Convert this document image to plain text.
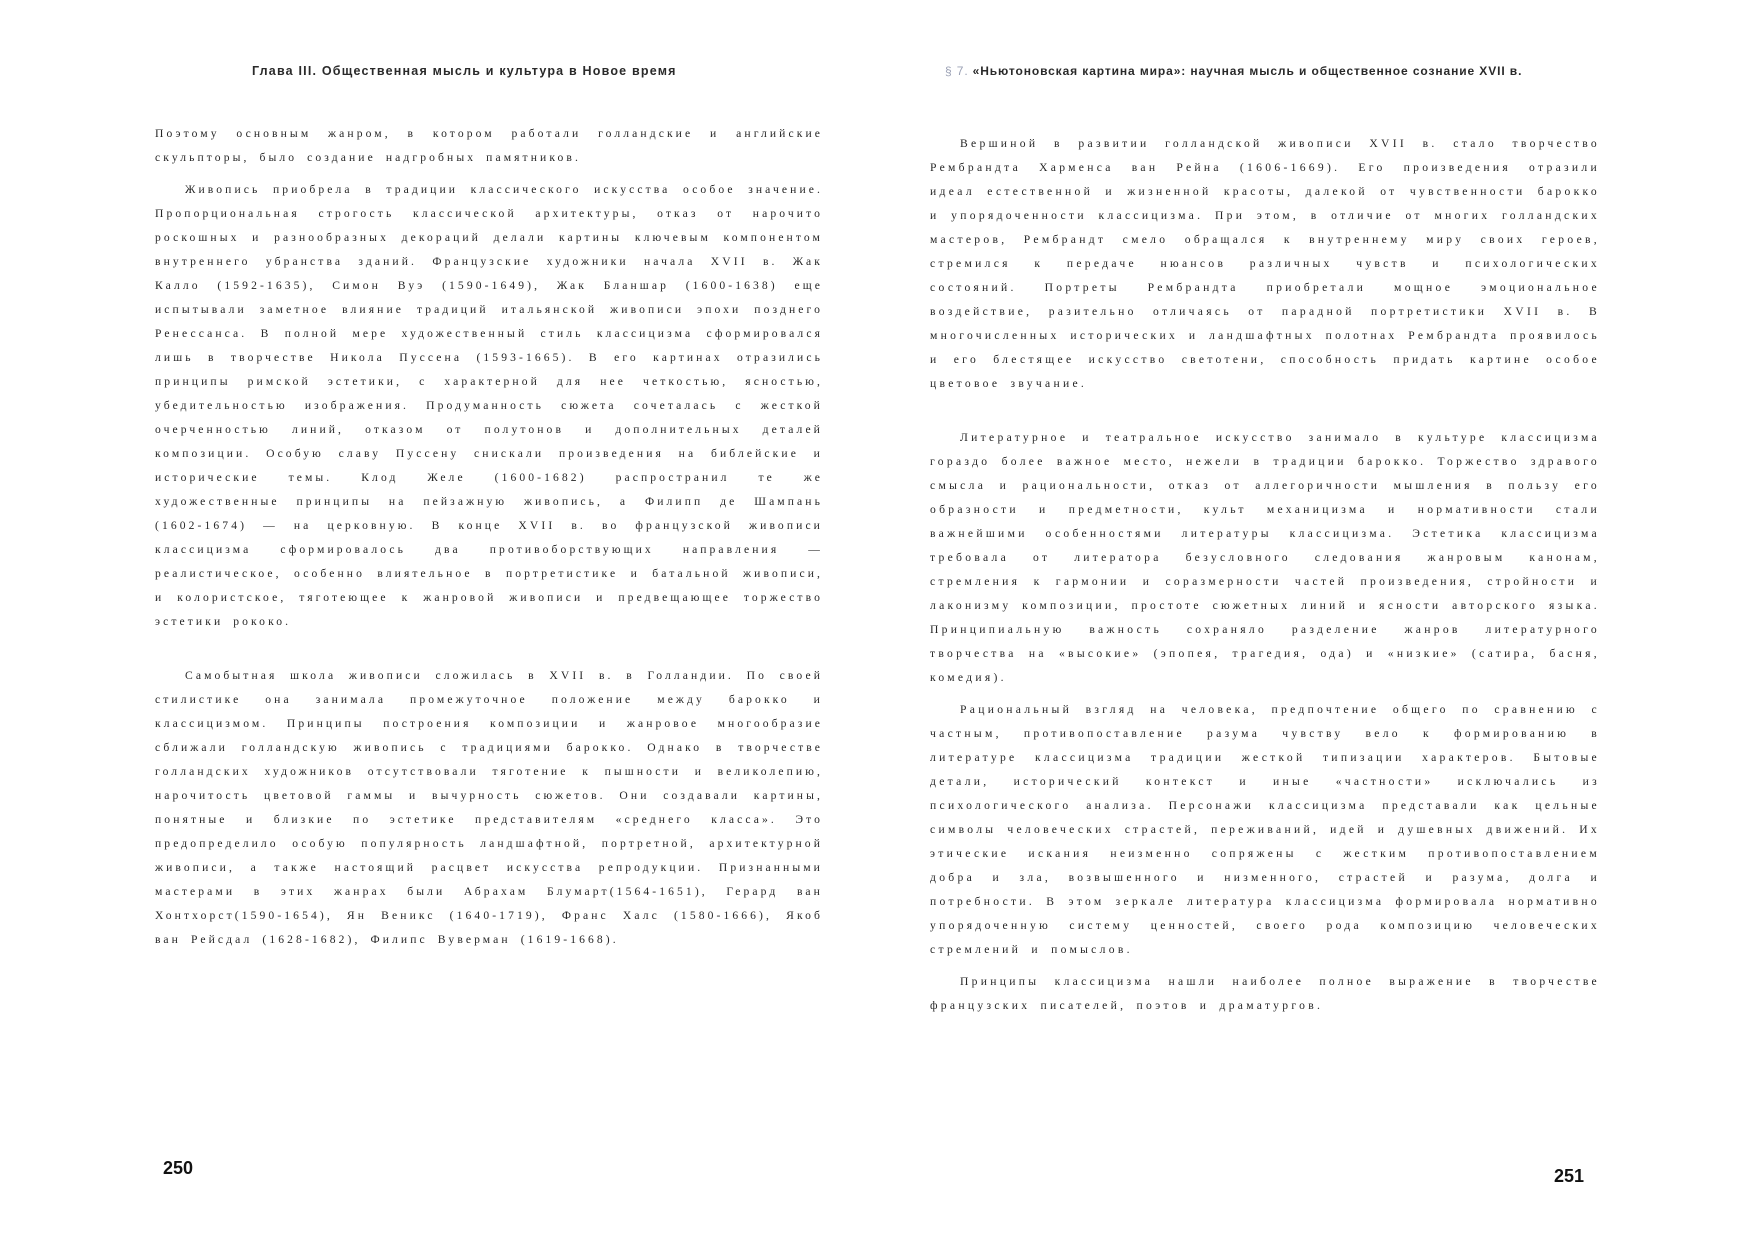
Глава III. Общественная мысль и культура в Новое время

Поэтому основным жанром, в котором работали голландские и английские скульпторы, было создание надгробных памятников.

Живопись приобрела в традиции классического искусства особое значение. Пропорциональная строгость классической архитектуры, отказ от нарочито роскошных и разнообразных декораций делали картины ключевым компонентом внутреннего убранства зданий. Французские художники начала XVII в. Жак Калло (1592-1635), Симон Вуэ (1590-1649), Жак Бланшар (1600-1638) еще испытывали заметное влияние традиций итальянской живописи эпохи позднего Ренессанса. В полной мере художественный стиль классицизма сформировался лишь в творчестве Никола Пуссена (1593-1665). В его картинах отразились принципы римской эстетики, с характерной для нее четкостью, ясностью, убедительностью изображения. Продуманность сюжета сочеталась с жесткой очерченностью линий, отказом от полутонов и дополнительных деталей композиции. Особую славу Пуссену снискали произведения на библейские и исторические темы. Клод Желе (1600-1682) распространил те же художественные принципы на пейзажную живопись, а Филипп де Шампань (1602-1674) — на церковную. В конце XVII в. во французской живописи классицизма сформировалось два противоборствующих направления — реалистическое, особенно влиятельное в портретистике и батальной живописи, и колористское, тяготеющее к жанровой живописи и предвещающее торжество эстетики рококо.

Самобытная школа живописи сложилась в XVII в. в Голландии. По своей стилистике она занимала промежуточное положение между барокко и классицизмом. Принципы построения композиции и жанровое многообразие сближали голландскую живопись с традициями барокко. Однако в творчестве голландских художников отсутствовали тяготение к пышности и великолепию, нарочитость цветовой гаммы и вычурность сюжетов. Они создавали картины, понятные и близкие по эстетике представителям «среднего класса». Это предопределило особую популярность ландшафтной, портретной, архитектурной живописи, а также настоящий расцвет искусства репродукции. Признанными мастерами в этих жанрах были Абрахам Блумарт(1564-1651), Герард ван Хонтхорст(1590-1654), Ян Веникс (1640-1719), Франс Халс (1580-1666), Якоб ван Рейсдал (1628-1682), Филипс Вуверман (1619-1668).

250
§ 7. «Ньютоновская картина мира»: научная мысль и общественное сознание XVII в.

Вершиной в развитии голландской живописи XVII в. стало творчество Рембрандта Харменса ван Рейна (1606-1669). Его произведения отразили идеал естественной и жизненной красоты, далекой от чувственности барокко и упорядоченности классицизма. При этом, в отличие от многих голландских мастеров, Рембрандт смело обращался к внутреннему миру своих героев, стремился к передаче нюансов различных чувств и психологических состояний. Портреты Рембрандта приобретали мощное эмоциональное воздействие, разительно отличаясь от парадной портретистики XVII в. В многочисленных исторических и ландшафтных полотнах Рембрандта проявилось и его блестящее искусство светотени, способность придать картине особое цветовое звучание.

Литературное и театральное искусство занимало в культуре классицизма гораздо более важное место, нежели в традиции барокко. Торжество здравого смысла и рациональности, отказ от аллегоричности мышления в пользу его образности и предметности, культ механицизма и нормативности стали важнейшими особенностями литературы классицизма. Эстетика классицизма требовала от литератора безусловного следования жанровым канонам, стремления к гармонии и соразмерности частей произведения, стройности и лаконизму композиции, простоте сюжетных линий и ясности авторского языка. Принципиальную важность сохраняло разделение жанров литературного творчества на «высокие» (эпопея, трагедия, ода) и «низкие» (сатира, басня, комедия).

Рациональный взгляд на человека, предпочтение общего по сравнению с частным, противопоставление разума чувству вело к формированию в литературе классицизма традиции жесткой типизации характеров. Бытовые детали, исторический контекст и иные «частности» исключались из психологического анализа. Персонажи классицизма представали как цельные символы человеческих страстей, переживаний, идей и душевных движений. Их этические искания неизменно сопряжены с жестким противопоставлением добра и зла, возвышенного и низменного, страстей и разума, долга и потребности. В этом зеркале литература классицизма формировала нормативно упорядоченную систему ценностей, своего рода композицию человеческих стремлений и помыслов.

Принципы классицизма нашли наиболее полное выражение в творчестве французских писателей, поэтов и драматургов.

251
